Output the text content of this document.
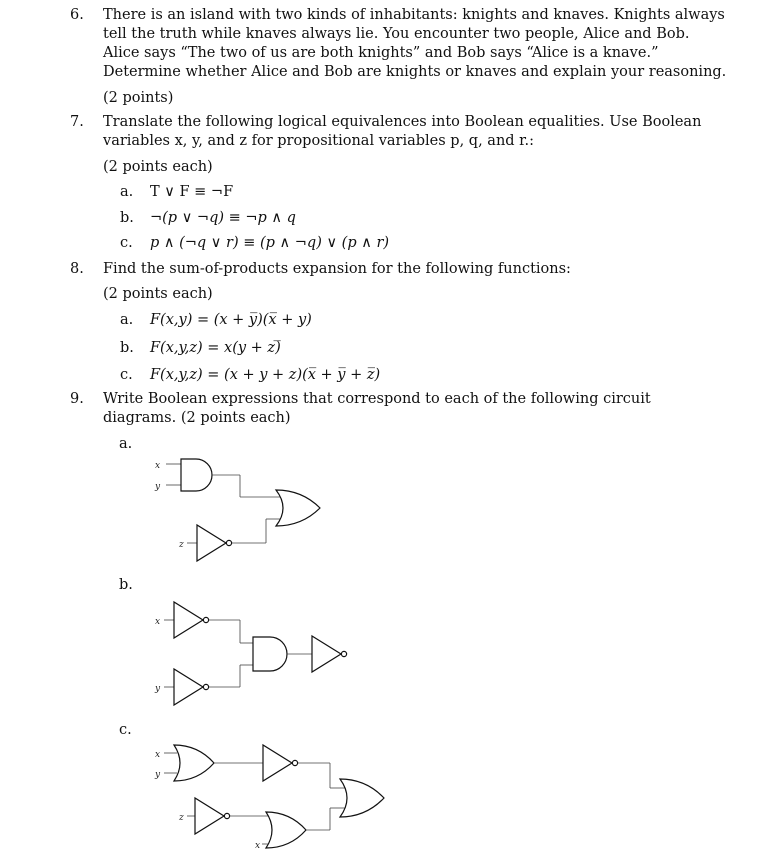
6. There is an island with two kinds of inhabitants: knights and knaves. Knights always
tell the truth while knaves always lie. You encounter two people, Alice and Bob.
Alice says “The two of us are both knights” and Bob says “Alice is a knave.”
Determine whether Alice and Bob are knights or knaves and explain your reasoning.
(2 points)
7. Translate the following logical equivalences into Boolean equalities. Use Boolean
variables x, y, and z for propositional variables p, q, and r.:
(2 points each)
a. T ∨ F ≡ ¬F
b. ¬(p ∨ ¬q) ≡ ¬p ∧ q
c. p ∧ (¬q ∨ r) ≡ (p ∧ ¬q) ∨ (p ∧ r)
8. Find the sum-of-products expansion for the following functions:
(2 points each)
a. F(x,y) = (x + y̅)(x̅ + y)
b. F(x,y,z) = x(y + z)̅
c. F(x,y,z) = (x + y + z)(x̅ + y̅ + z̅)
9. Write Boolean expressions that correspond to each of the following circuit
diagrams. (2 points each)
a.
b.
c.
x
y
z
x
y
x
y
z
x
